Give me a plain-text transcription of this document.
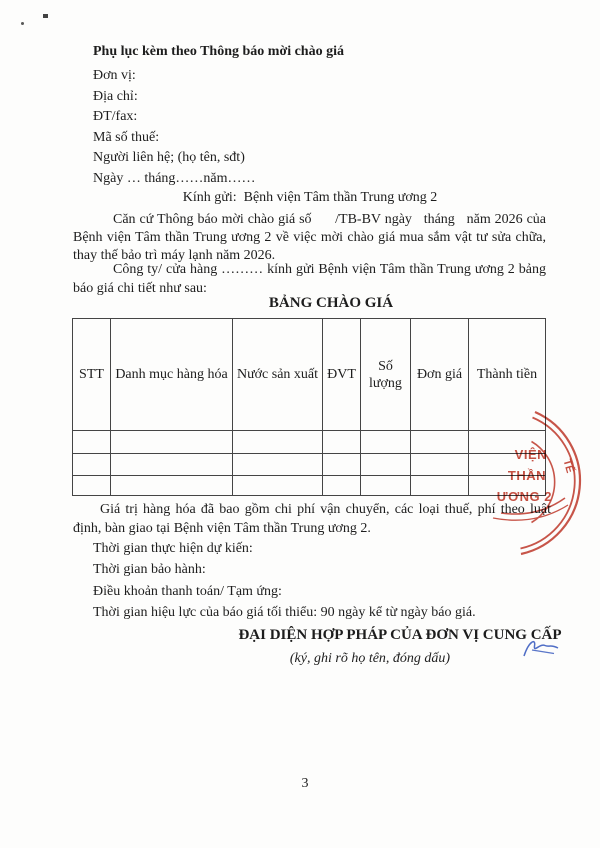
Phụ lục kèm theo Thông báo mời chào giá
Đơn vị:
Địa chỉ:
ĐT/fax:
Mã số thuế:
Người liên hệ; (họ tên, sđt)
Ngày … tháng……năm……
Kính gửi:  Bệnh viện Tâm thần Trung ương 2
Căn cứ Thông báo mời chào giá số      /TB-BV ngày   tháng   năm 2026 của Bệnh viện Tâm thần Trung ương 2 về việc mời chào giá mua sắm vật tư sửa chữa, thay thế bảo trì máy lạnh năm 2026.
Công ty/ cửa hàng ……… kính gửi Bệnh viện Tâm thần Trung ương 2 bảng báo giá chi tiết như sau:
BẢNG CHÀO GIÁ
STT	Danh mục hàng hóa	Nước sản xuất	ĐVT	Số lượng	Đơn giá	Thành tiền

VIỆN
THẦN
ƯƠNG 2
TẾ
Giá trị hàng hóa đã bao gồm chi phí vận chuyển, các loại thuế, phí theo luật định, bàn giao tại Bệnh viện Tâm thần Trung ương 2.
Thời gian thực hiện dự kiến:
Thời gian bảo hành:
Điều khoản thanh toán/ Tạm ứng:
Thời gian hiệu lực của báo giá tối thiểu: 90 ngày kể từ ngày báo giá.
ĐẠI DIỆN HỢP PHÁP CỦA ĐƠN VỊ CUNG CẤP
(ký, ghi rõ họ tên, đóng dấu)
3
